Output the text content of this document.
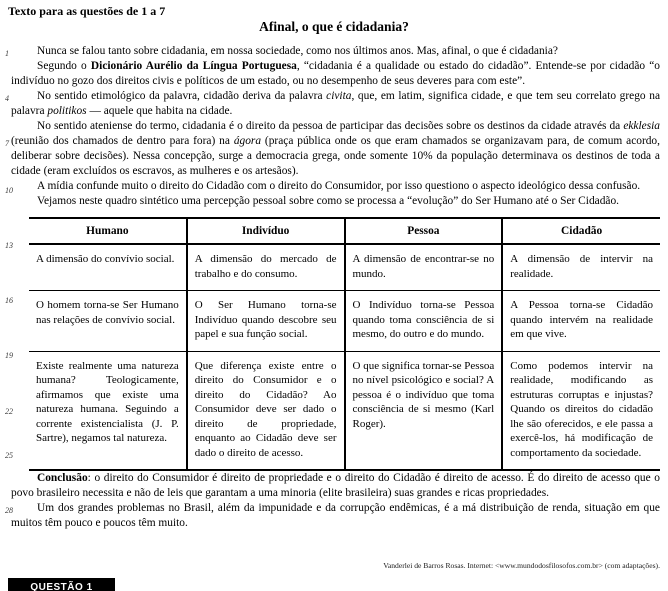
Texto para as questões de 1 a 7
Afinal, o que é cidadania?
1
4
7
10
13
16
19
22
25
28

Nunca se falou tanto sobre cidadania, em nossa sociedade, como nos últimos anos. Mas, afinal, o que é cidadania?

Segundo o Dicionário Aurélio da Língua Portuguesa, “cidadania é a qualidade ou estado do cidadão”. Entende-se por cidadão “o indivíduo no gozo dos direitos civis e políticos de um estado, ou no desempenho de seus deveres para com este”.

No sentido etimológico da palavra, cidadão deriva da palavra civita, que, em latim, significa cidade, e que tem seu correlato grego na palavra politikos — aquele que habita na cidade.

No sentido ateniense do termo, cidadania é o direito da pessoa de participar das decisões sobre os destinos da cidade através da ekklesia (reunião dos chamados de dentro para fora) na ágora (praça pública onde os que eram chamados se organizavam para, de comum acordo, deliberar sobre decisões). Nessa concepção, surge a democracia grega, onde somente 10% da população determinava os destinos de toda a cidade (eram excluídos os escravos, as mulheres e os artesãos).

A mídia confunde muito o direito do Cidadão com o direito do Consumidor, por isso questiono o aspecto ideológico dessa confusão.

Vejamos neste quadro sintético uma percepção pessoal sobre como se processa a “evolução” do Ser Humano até o Ser Cidadão.

Humano	Indivíduo	Pessoa	Cidadão
A dimensão do convívio social.	A dimensão do mercado de trabalho e do consumo.	A dimensão de encontrar-se no mundo.	A dimensão de intervir na realidade.
O homem torna-se Ser Humano nas relações de convívio social.	O Ser Humano torna-se Indivíduo quando descobre seu papel e sua função social.	O Indivíduo torna-se Pessoa quando toma consciência de si mesmo, do outro e do mundo.	A Pessoa torna-se Cidadão quando intervém na realidade em que vive.
Existe realmente uma natureza humana? Teologicamente, afirmamos que existe uma natureza humana. Seguindo a corrente existencialista (J. P. Sartre), negamos tal natureza.	Que diferença existe entre o direito do Consumidor e o direito do Cidadão? Ao Consumidor deve ser dado o direito de propriedade, enquanto ao Cidadão deve ser dado o direito de acesso.	O que significa tornar-se Pessoa no nível psicológico e social? A pessoa é o indivíduo que toma consciência de si mesmo (Karl Roger).	Como podemos intervir na realidade, modificando as estruturas corruptas e injustas? Quando os direitos do cidadão lhe são oferecidos, e ele passa a exercê-los, há modificação de comportamento da sociedade.

Conclusão: o direito do Consumidor é direito de propriedade e o direito do Cidadão é direito de acesso. É do direito de acesso que o povo brasileiro necessita e não de leis que garantam a uma minoria (elite brasileira) suas grandes e ricas propriedades.

Um dos grandes problemas no Brasil, além da impunidade e da corrupção endêmicas, é a má distribuição de renda, situação em que muitos têm pouco e poucos têm muito.

Vanderlei de Barros Rosas. Internet: <www.mundodosfilosofos.com.br> (com adaptações).
QUESTÃO 1
